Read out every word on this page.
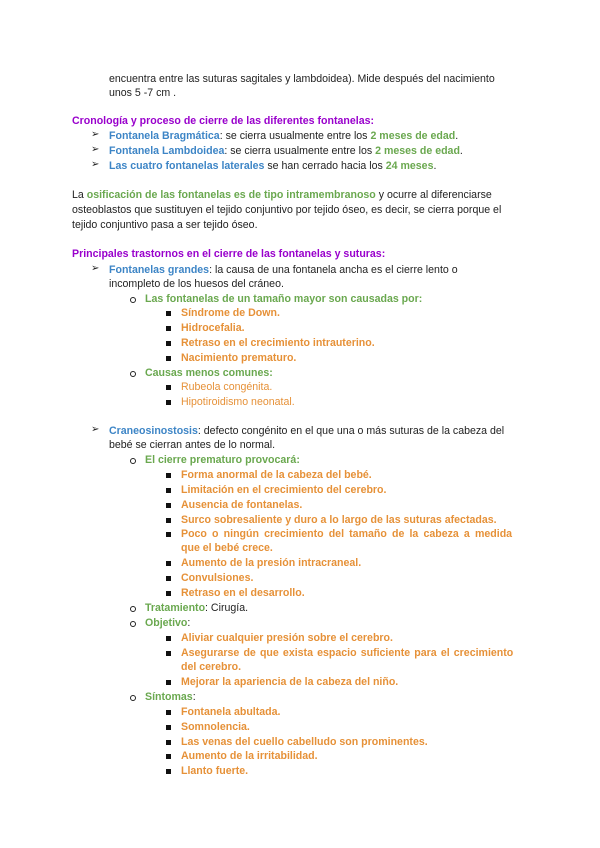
encuentra entre las suturas sagitales y lambdoidea). Mide después del nacimiento
unos 5 -7 cm .
Cronología y proceso de cierre de las diferentes fontanelas:
➢ Fontanela Bragmática: se cierra usualmente entre los 2 meses de edad.
➢ Fontanela Lambdoidea: se cierra usualmente entre los 2 meses de edad.
➢ Las cuatro fontanelas laterales se han cerrado hacia los 24 meses.
La osificación de las fontanelas es de tipo intramembranoso y ocurre al diferenciarse
osteoblastos que sustituyen el tejido conjuntivo por tejido óseo, es decir, se cierra porque el
tejido conjuntivo pasa a ser tejido óseo.
Principales trastornos en el cierre de las fontanelas y suturas:
➢ Fontanelas grandes: la causa de una fontanela ancha es el cierre lento o
incompleto de los huesos del cráneo.
Las fontanelas de un tamaño mayor son causadas por:
Síndrome de Down.
Hidrocefalia.
Retraso en el crecimiento intrauterino.
Nacimiento prematuro.
Causas menos comunes:
Rubeola congénita.
Hipotiroidismo neonatal.
➢ Craneosinostosis: defecto congénito en el que una o más suturas de la cabeza del
bebé se cierran antes de lo normal.
El cierre prematuro provocará:
Forma anormal de la cabeza del bebé.
Limitación en el crecimiento del cerebro.
Ausencia de fontanelas.
Surco sobresaliente y duro a lo largo de las suturas afectadas.
Poco o ningún crecimiento del tamaño de la cabeza a medida
que el bebé crece.
Aumento de la presión intracraneal.
Convulsiones.
Retraso en el desarrollo.
Tratamiento: Cirugía.
Objetivo:
Aliviar cualquier presión sobre el cerebro.
Asegurarse de que exista espacio suficiente para el crecimiento
del cerebro.
Mejorar la apariencia de la cabeza del niño.
Síntomas:
Fontanela abultada.
Somnolencia.
Las venas del cuello cabelludo son prominentes.
Aumento de la irritabilidad.
Llanto fuerte.
